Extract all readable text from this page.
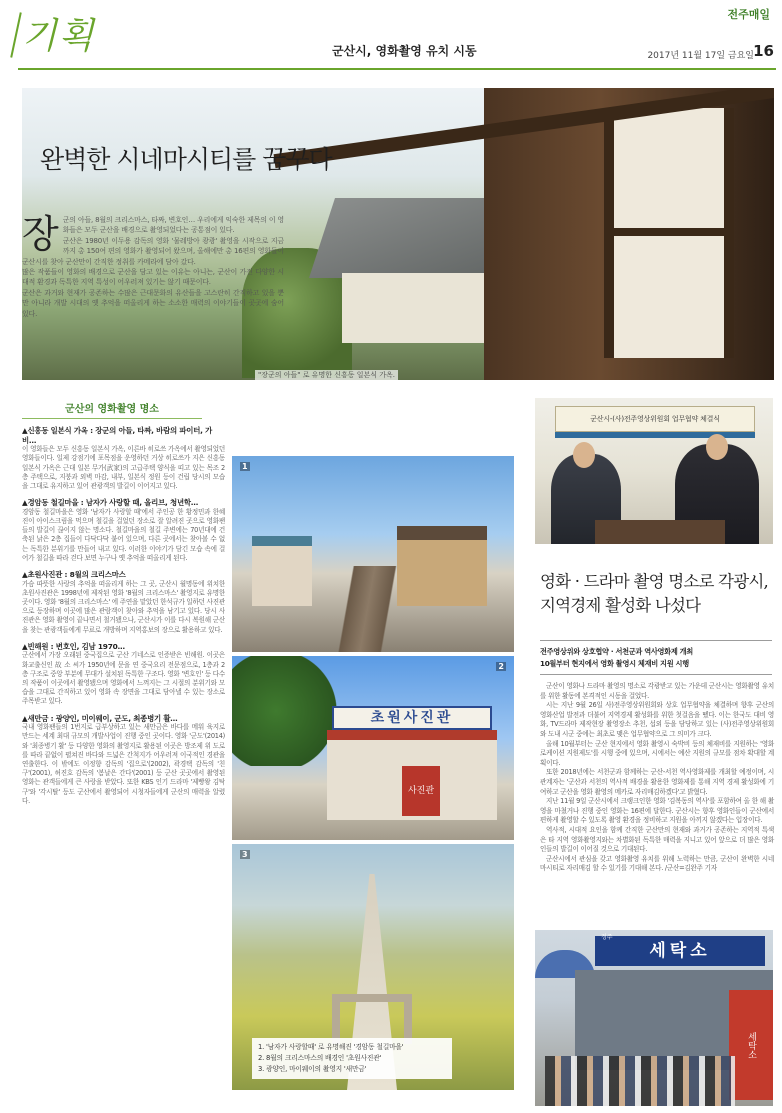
기획	군산시, 영화촬영 유치 시동
전주매일
2017년 11월 17일 금요일 16
완벽한 시네마시티를 꿈꾸다
"장군의 아들" 로 유명한 신흥동 일본식 가옥.
장 군의 아들, 8월의 크리스마스, 타짜, 변호인… 우리에게 익숙한 제목의 이 영화들은 모두 군산을 배경으로 촬영되었다는 공통점이 있다.

군산은 1980년 이두용 감독의 영화 '물레방아 쾅쾅' 촬영을 시작으로 지금까지 총 150여 편의 영화가 촬영되어 왔으며, 올해에만 총 16편의 영화들이 군산시를 찾아 군산만이 간직한 정취를 카메라에 담아 갔다.

많은 작품들이 영화의 배경으로 군산을 담고 있는 이유는 아니는, 군산이 가진 다양한 시대적 환경과 독특한 지역 특성이 어우러져 있기는 않기 때문이다.

군산은 과거와 현재가 공존하는 수많은 근대문화의 유산들을 고스란히 간직하고 있을 뿐만 아니라 개발 시대의 옛 추억을 떠올리게 하는 소소한 매력의 이야기들이 곳곳에 숨어 있다.

군산의 영화촬영 명소
▲신흥동 일본식 가옥 : 장군의 아들, 타짜, 바람의 파이터, 가비…

이 영화들은 모두 신흥동 일본식 가옥, 이른바 히로쓰 가옥에서 촬영되었던 영화들이다. 일제 강점기에 포목점을 운영하던 거상 히로쓰가 지은 신흥동 일본식 가옥은 근대 일본 무가(武家)의 고급주택 양식을 띠고 있는 목조 2층 주택으로, 지붕과 외벽 마감, 내부, 일본식 정원 등이 건립 당시의 모습을 그대로 유지하고 있어 관광객의 발길이 이어지고 있다.

▲경암동 철길마을 : 남자가 사랑할 때, 올리브, 청년학…

경암동 철길마을은 영화 '남자가 사랑할 때'에서 주인공 한 황정민과 한혜진이 아이스크림을 먹으며 철길을 걸었던 장소로 잘 알려진 곳으로 영화팬들의 발길이 끊이지 않는 명소다. 철길마을의 철길 주변에는 70년대에 건축된 낡은 2층 집들이 다닥다닥 붙어 있으며, 다른 곳에서는 찾아볼 수 없는 독특한 분위기를 만들어 내고 있다. 이러한 이야기가 담긴 모습 속에 걸어가 철길을 따라 걷다 보면 누구나 옛 추억을 떠올리게 된다.

▲초원사진관 : 8월의 크리스마스

가슴 따뜻한 사랑의 추억을 떠올리게 하는 그 곳, 군산시 월명동에 위치한 초원사진관은 1998년에 제작된 영화 '8월의 크리스마스' 촬영지로 유명한 곳이다. 영화 '8월의 크리스마스' 에 주연을 맡았던 한석규가 일하던 사진관으로 등장하며 이곳에 많은 관람객이 찾아와 추억을 남기고 있다. 당시 사진관은 영화 촬영이 끝나면서 철거됐으나, 군산시가 이를 다시 복원해 군산을 찾는 관광객들에게 무료로 개방하며 지역홍보의 장으로 활용하고 있다.

▲빈해원 : 변호인, 김남 1970…

군산에서 가장 오래된 중국집으로 군산 기네스로 인증받은 빈해원. 이곳은 화교출신인 故 소 씨가 1950년에 문을 연 중국요리 전문점으로, 1층과 2층 구조로 중앙 부분에 무대가 설치된 독특한 구조다. 영화 '변호인' 등 다수의 작품이 이곳에서 촬영됐으며 영화에서 느껴지는 그 시절의 분위기와 모습을 그대로 간직하고 있어 영화 속 장면을 그대로 담아낼 수 있는 장소로 주목받고 있다.

▲새만금 : 광양인, 미이웨이, 군도, 최종병기 활…

국내 영화팬들의 1번지로 급부상하고 있는 새만금은 바다를 메워 육지로 만드는 세계 최대 규모의 개발사업이 진행 중인 곳이다. 영화 '군도'(2014)와 '최종병기 활' 등 다양한 영화의 촬영지로 활용된 이곳은 방조제 위 도로를 따라 끝없이 펼쳐진 바다와 드넓은 간척지가 어우러져 이국적인 경관을 연출한다. 이 밖에도 이정향 감독의 '집으로'(2002), 곽경택 감독의 '친구'(2001), 허진호 감독의 '봄날은 간다'(2001) 등 군산 곳곳에서 촬영된 영화는 관객들에게 큰 사랑을 받았다. 또한 KBS 인기 드라마 '제빵왕 김탁구'와 '각시탈' 등도 군산에서 촬영되어 시청자들에게 군산의 매력을 알렸다.

1
초원사진관
사진관
2
3

1. '남자가 사랑할때' 로 유명해진 '경암동 철길마을'

2. 8월의 크리스마스의 배경인 '초원사진관'

3. 광양인, 마이웨이의 촬영지 '새만금'

군산시-(사)전주영상위원회 업무협약 체결식
영화 · 드라마 촬영 명소로 각광시, 지역경제 활성화 나섰다
전주영상위와 상호협약 · 서천군과 역사영화제 개최
10월부터 현지에서 영화 촬영시 체재비 지원 시행

군산이 영화나 드라마 촬영의 명소로 각광받고 있는 가운데 군산시는 영화촬영 유치를 위한 활동에 본격적인 시동을 걸었다.

시는 지난 9월 26일 사)전주영상위원회와 상호 업무협약을 체결하며 향후 군산의 영화산업 발전과 더불어 지역경제 활성화를 위한 첫걸음을 뗐다. 이는 한국도 대비 영화, TV드라마 제작현장 촬영장소 추천, 섭외 등을 담당하고 있는 (사)전주영상위원회와 도내 시군 중에는 최초로 맺은 업무협약으로 그 의미가 크다.

올해 10월부터는 군산 현지에서 영화 촬영시 숙박비 등의 체재비를 지원하는 '영화 로케이션 지원제도'를 시행 중에 있으며, 시에서는 예산 지원의 규모를 점차 확대할 계획이다.

또한 2018년에는 서천군과 함께하는 군산-서천 역사영화제를 개최할 예정이며, 시 관계자는 '군산과 서천의 역사적 배경을 활용한 영화제를 통해 지역 경제 활성화에 기여하고 군산을 영화 촬영의 메카로 자리매김하겠다'고 밝혔다.

지난 11월 9일 군산시에서 크랭크인한 영화 '김복동의 역사'를 포함하여 올 한 해 촬영을 마쳤거나 진행 중인 영화는 16편에 달한다. 군산시는 향후 영화인들이 군산에서 편하게 촬영할 수 있도록 촬영 환경을 정비하고 지원을 아끼지 않겠다는 입장이다.

역사적, 시대적 요인을 함께 간직한 군산만의 현재와 과거가 공존하는 지역적 특색은 타 지역 영화촬영지와는 차별화된 독특한 매력을 지니고 있어 앞으로 더 많은 영화인들의 발길이 이어질 것으로 기대된다.

군산시에서 관심을 갖고 영화촬영 유치를 위해 노력하는 만큼, 군산이 완벽한 시네마시티로 자리매김 할 수 있기를 기대해 본다. /군산=김완주 기자

세탁소
정주
세탁소
